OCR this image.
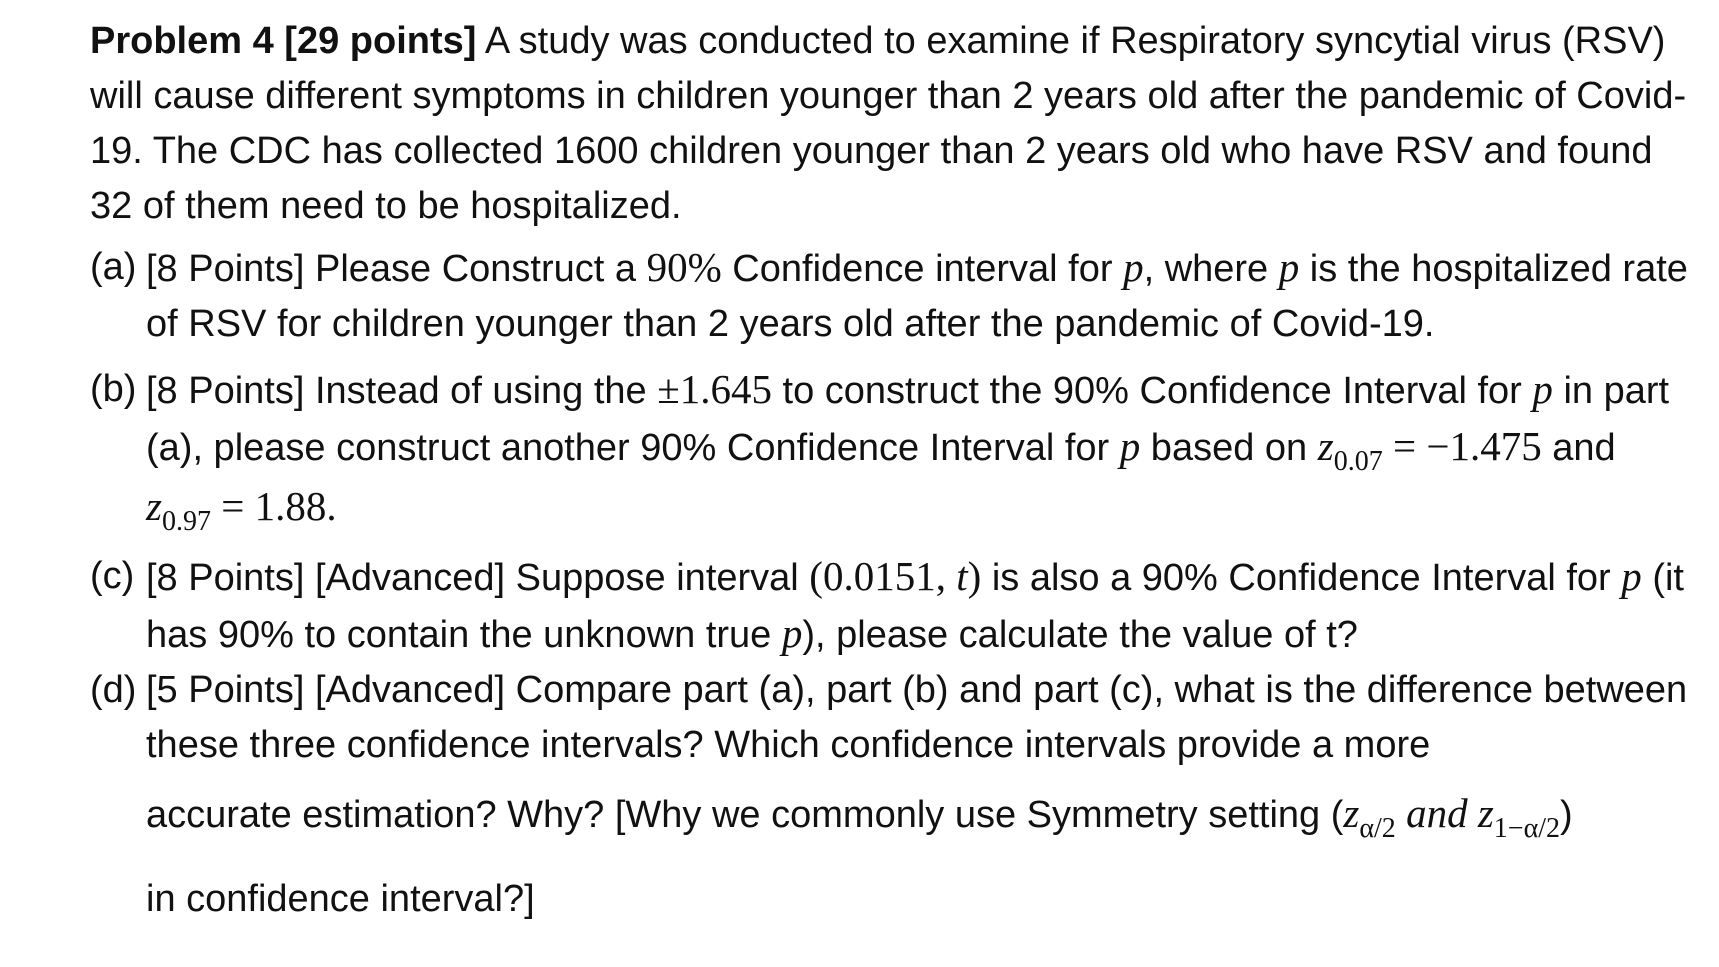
Problem 4 [29 points] A study was conducted to examine if Respiratory syncytial virus (RSV) will cause different symptoms in children younger than 2 years old after the pandemic of Covid-19. The CDC has collected 1600 children younger than 2 years old who have RSV and found 32 of them need to be hospitalized.

(a) [8 Points] Please Construct a 90% Confidence interval for p, where p is the hospitalized rate of RSV for children younger than 2 years old after the pandemic of Covid-19.

(b) [8 Points] Instead of using the ±1.645 to construct the 90% Confidence Interval for p in part (a), please construct another 90% Confidence Interval for p based on $z_{0.07} = -1.475$ and $z_{0.97} = 1.88$.

(c) [8 Points] [Advanced] Suppose interval (0.0151, t) is also a 90% Confidence Interval for p (it has 90% to contain the unknown true p), please calculate the value of t?

(d) [5 Points] [Advanced] Compare part (a), part (b) and part (c), what is the difference between these three confidence intervals? Which confidence intervals provide a more

accurate estimation? Why? [Why we commonly use Symmetry setting ($z_{\alpha/2}$ and $z_{1-\alpha/2}$)

in confidence interval?]
